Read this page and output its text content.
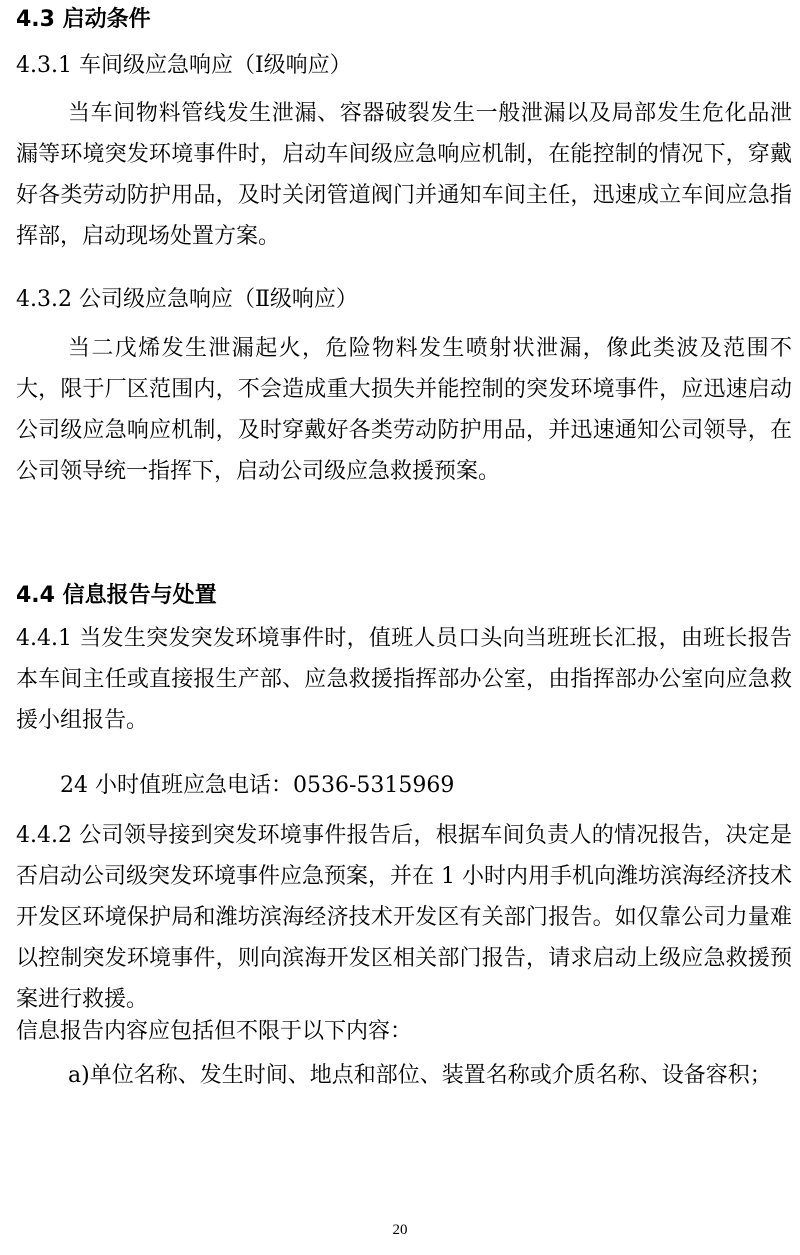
4.3 启动条件
4.3.1 车间级应急响应（Ⅰ级响应）

当车间物料管线发生泄漏、容器破裂发生一般泄漏以及局部发生危化品泄漏等环境突发环境事件时，启动车间级应急响应机制，在能控制的情况下，穿戴好各类劳动防护用品，及时关闭管道阀门并通知车间主任，迅速成立车间应急指挥部，启动现场处置方案。

4.3.2 公司级应急响应（Ⅱ级响应）

当二戊烯发生泄漏起火，危险物料发生喷射状泄漏，像此类波及范围不大，限于厂区范围内，不会造成重大损失并能控制的突发环境事件，应迅速启动公司级应急响应机制，及时穿戴好各类劳动防护用品，并迅速通知公司领导，在公司领导统一指挥下，启动公司级应急救援预案。

4.4 信息报告与处置

4.4.1 当发生突发突发环境事件时，值班人员口头向当班班长汇报，由班长报告本车间主任或直接报生产部、应急救援指挥部办公室，由指挥部办公室向应急救援小组报告。

24 小时值班应急电话：0536-5315969

4.4.2 公司领导接到突发环境事件报告后，根据车间负责人的情况报告，决定是否启动公司级突发环境事件应急预案，并在 1 小时内用手机向潍坊滨海经济技术开发区环境保护局和潍坊滨海经济技术开发区有关部门报告。如仅靠公司力量难以控制突发环境事件，则向滨海开发区相关部门报告，请求启动上级应急救援预案进行救援。

信息报告内容应包括但不限于以下内容：

a)单位名称、发生时间、地点和部位、装置名称或介质名称、设备容积；

20
